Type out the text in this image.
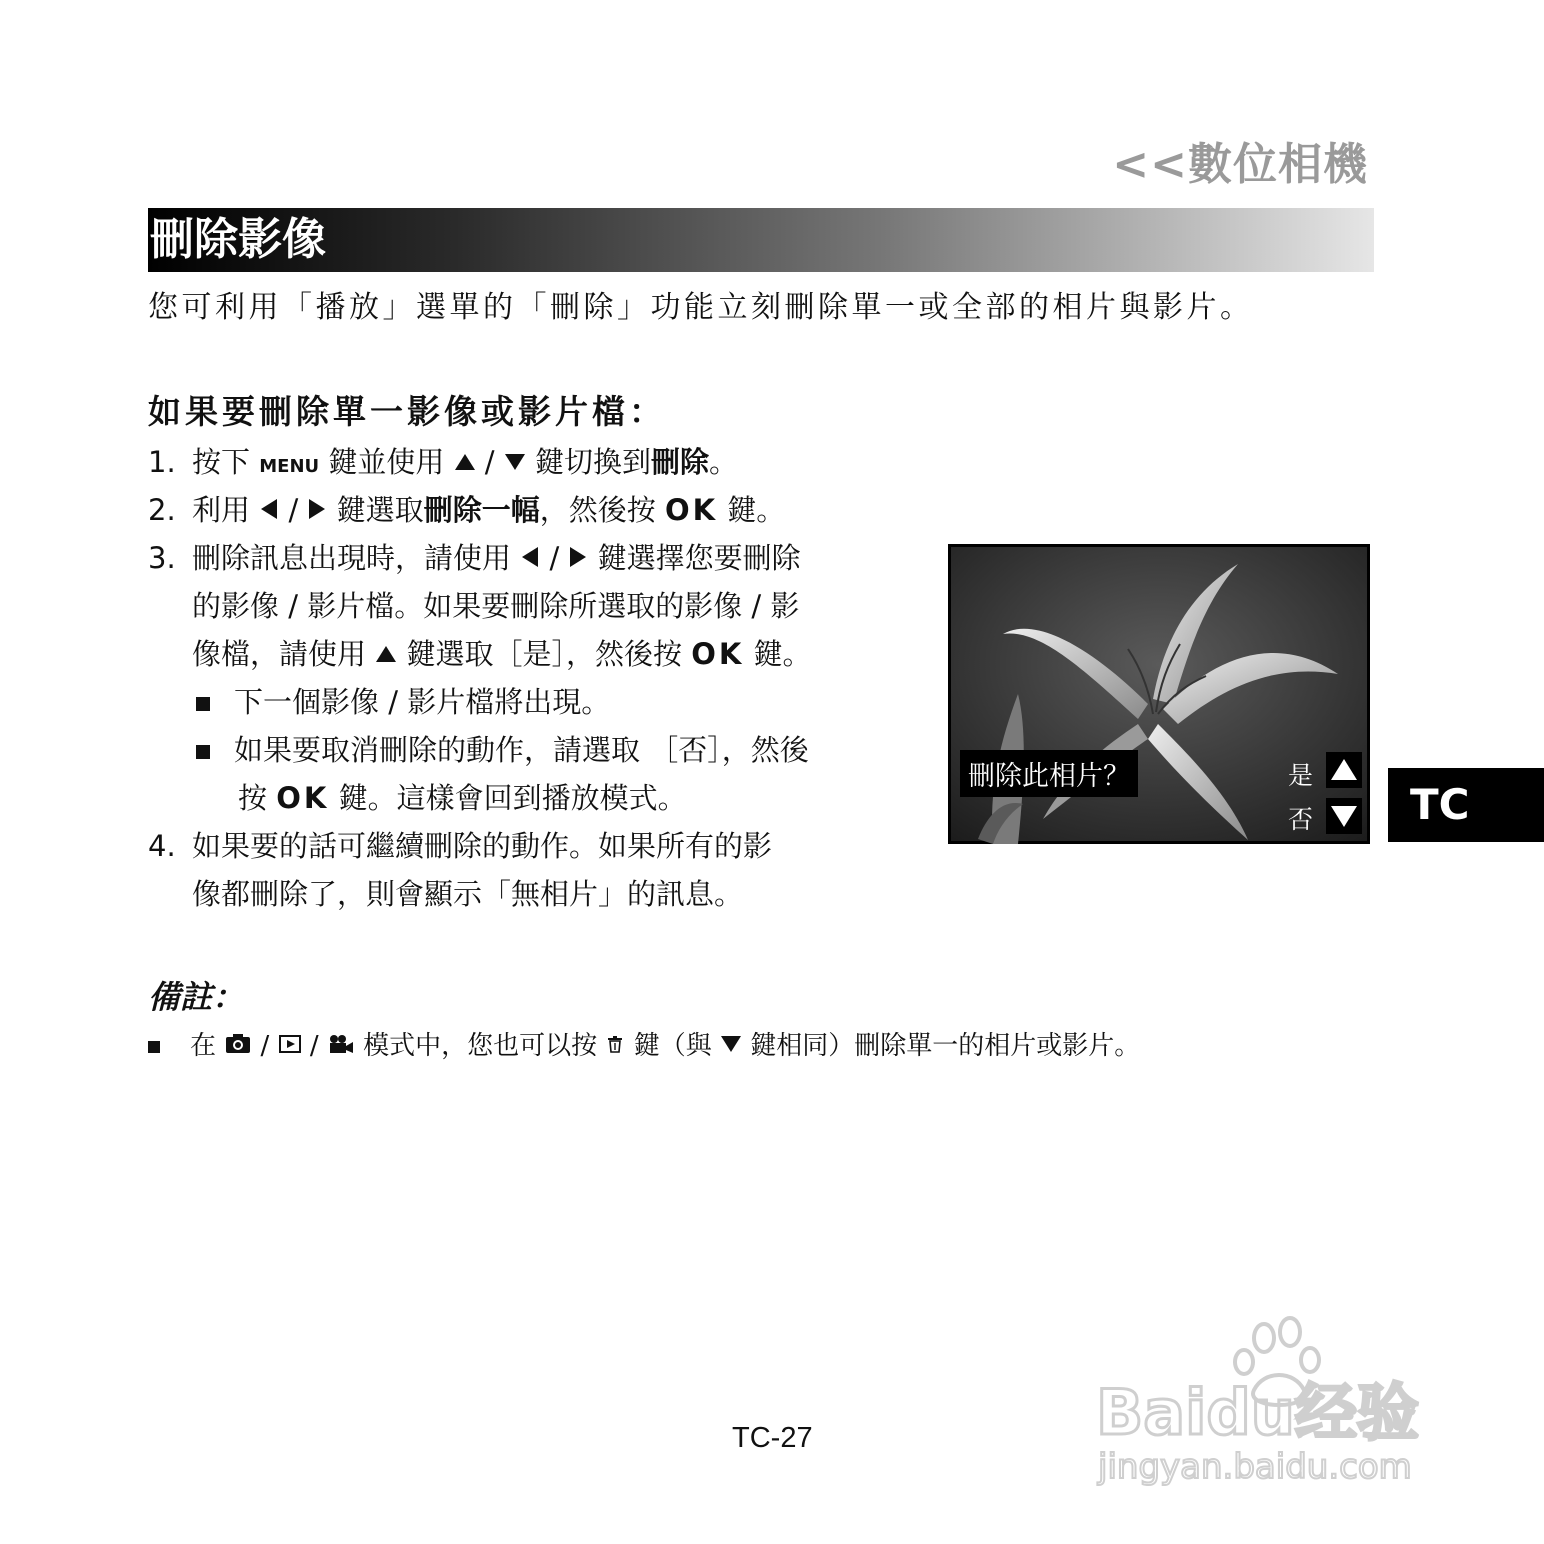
<<數位相機
刪除影像
您可利用「播放」選單的「刪除」功能立刻刪除單一或全部的相片與影片。
如果要刪除單一影像或影片檔：
1. 按下 MENU 鍵並使用 / 鍵切換到刪除。
2. 利用 / 鍵選取刪除一幅，然後按 OK 鍵。
3. 刪除訊息出現時，請使用 / 鍵選擇您要刪除
的影像 / 影片檔。如果要刪除所選取的影像 / 影
像檔，請使用 鍵選取［是］，然後按 OK 鍵。
下一個影像 / 影片檔將出現。
如果要取消刪除的動作，請選取 ［否］，然後
按 OK 鍵。這樣會回到播放模式。
4. 如果要的話可繼續刪除的動作。如果所有的影
像都刪除了，則會顯示「無相片」的訊息。
刪除此相片？	是
否	TC
備註：
在 / / 模式中，您也可以按 鍵（與 鍵相同）刪除單一的相片或影片。
TC-27	Baidu经验
jingyan.baidu.com
